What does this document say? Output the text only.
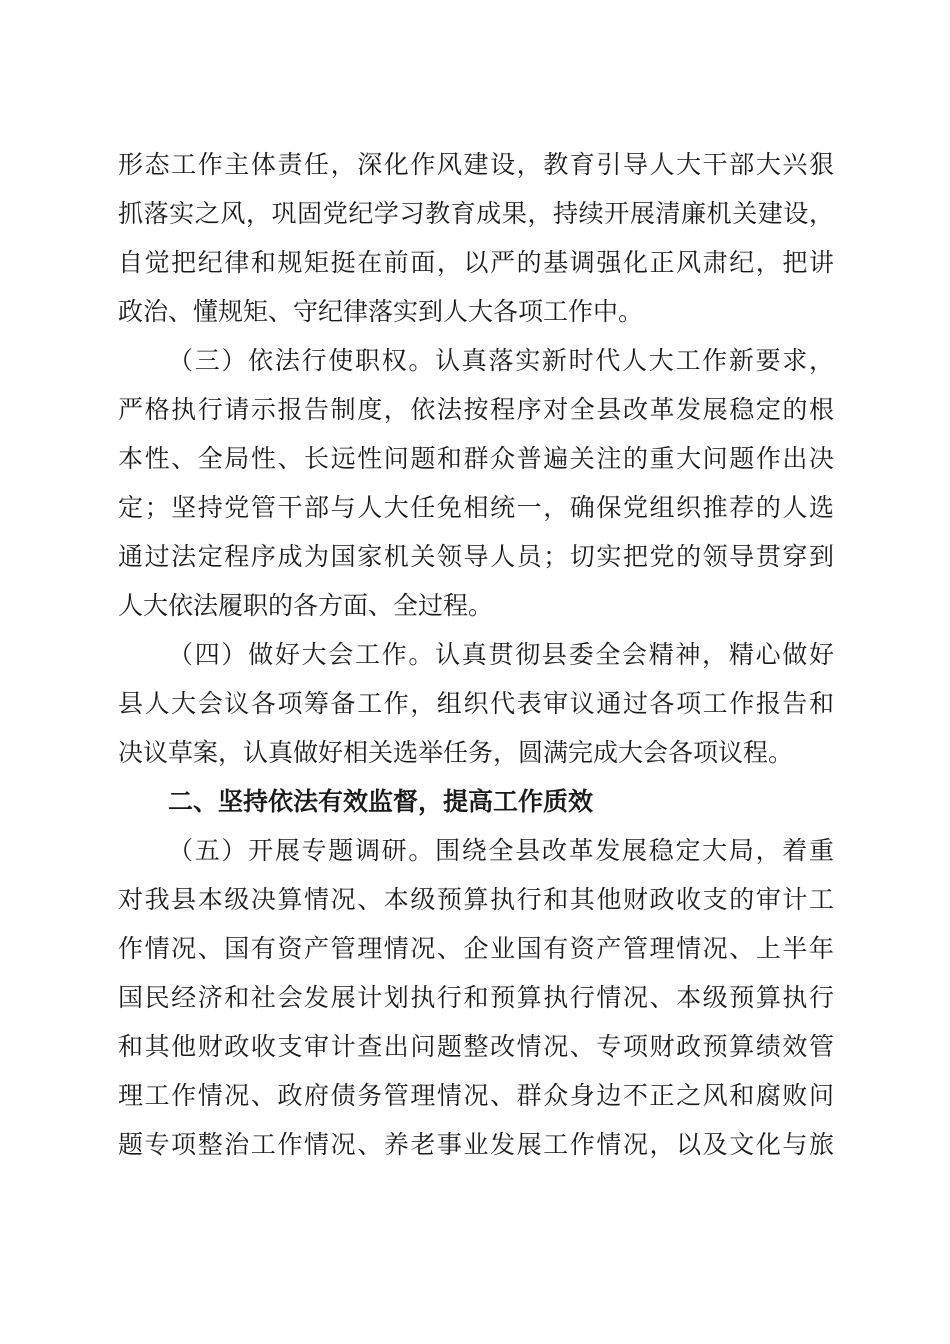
形态工作主体责任，深化作风建设，教育引导人大干部大兴狠
抓落实之风，巩固党纪学习教育成果，持续开展清廉机关建设，
自觉把纪律和规矩挺在前面，以严的基调强化正风肃纪，把讲
政治、懂规矩、守纪律落实到人大各项工作中。
（三）依法行使职权。认真落实新时代人大工作新要求，
严格执行请示报告制度，依法按程序对全县改革发展稳定的根
本性、全局性、长远性问题和群众普遍关注的重大问题作出决
定；坚持党管干部与人大任免相统一，确保党组织推荐的人选
通过法定程序成为国家机关领导人员；切实把党的领导贯穿到
人大依法履职的各方面、全过程。
（四）做好大会工作。认真贯彻县委全会精神，精心做好
县人大会议各项筹备工作，组织代表审议通过各项工作报告和
决议草案，认真做好相关选举任务，圆满完成大会各项议程。
二、坚持依法有效监督，提高工作质效
（五）开展专题调研。围绕全县改革发展稳定大局，着重
对我县本级决算情况、本级预算执行和其他财政收支的审计工
作情况、国有资产管理情况、企业国有资产管理情况、上半年
国民经济和社会发展计划执行和预算执行情况、本级预算执行
和其他财政收支审计查出问题整改情况、专项财政预算绩效管
理工作情况、政府债务管理情况、群众身边不正之风和腐败问
题专项整治工作情况、养老事业发展工作情况，以及文化与旅
